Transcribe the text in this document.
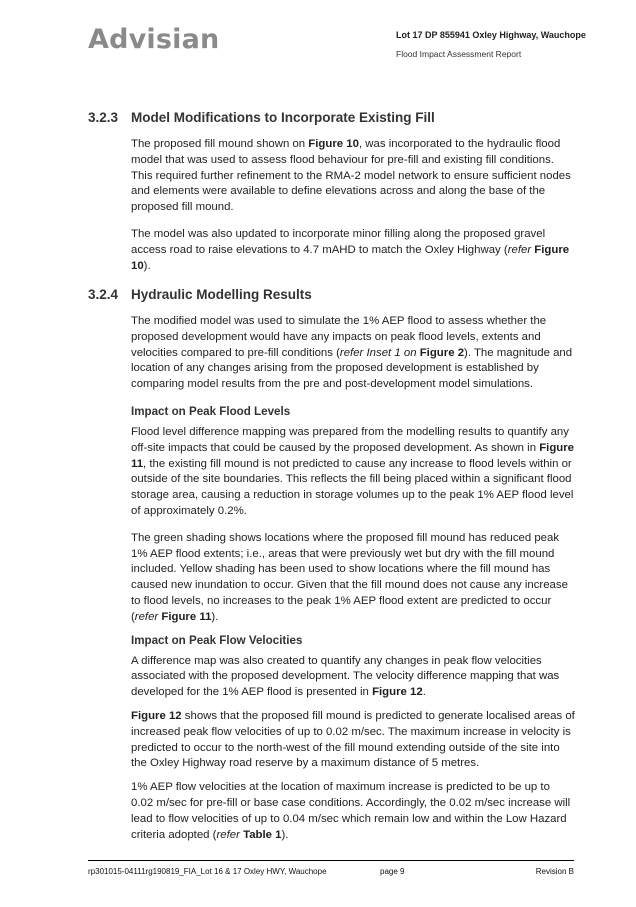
Advisian	Lot 17 DP 855941 Oxley Highway, Wauchope
Flood Impact Assessment Report
3.2.3 Model Modifications to Incorporate Existing Fill

The proposed fill mound shown on Figure 10, was incorporated to the hydraulic flood model that was used to assess flood behaviour for pre-fill and existing fill conditions. This required further refinement to the RMA-2 model network to ensure sufficient nodes and elements were available to define elevations across and along the base of the proposed fill mound.

The model was also updated to incorporate minor filling along the proposed gravel access road to raise elevations to 4.7 mAHD to match the Oxley Highway (refer Figure 10).

3.2.4 Hydraulic Modelling Results

The modified model was used to simulate the 1% AEP flood to assess whether the proposed development would have any impacts on peak flood levels, extents and velocities compared to pre-fill conditions (refer Inset 1 on Figure 2). The magnitude and location of any changes arising from the proposed development is established by comparing model results from the pre and post-development model simulations.

Impact on Peak Flood Levels

Flood level difference mapping was prepared from the modelling results to quantify any off-site impacts that could be caused by the proposed development. As shown in Figure 11, the existing fill mound is not predicted to cause any increase to flood levels within or outside of the site boundaries. This reflects the fill being placed within a significant flood storage area, causing a reduction in storage volumes up to the peak 1% AEP flood level of approximately 0.2%.

The green shading shows locations where the proposed fill mound has reduced peak 1% AEP flood extents; i.e., areas that were previously wet but dry with the fill mound included. Yellow shading has been used to show locations where the fill mound has caused new inundation to occur. Given that the fill mound does not cause any increase to flood levels, no increases to the peak 1% AEP flood extent are predicted to occur (refer Figure 11).

Impact on Peak Flow Velocities

A difference map was also created to quantify any changes in peak flow velocities associated with the proposed development. The velocity difference mapping that was developed for the 1% AEP flood is presented in Figure 12.

Figure 12 shows that the proposed fill mound is predicted to generate localised areas of increased peak flow velocities of up to 0.02 m/sec. The maximum increase in velocity is predicted to occur to the north-west of the fill mound extending outside of the site into the Oxley Highway road reserve by a maximum distance of 5 metres.

1% AEP flow velocities at the location of maximum increase is predicted to be up to 0.02 m/sec for pre-fill or base case conditions. Accordingly, the 0.02 m/sec increase will lead to flow velocities of up to 0.04 m/sec which remain low and within the Low Hazard criteria adopted (refer Table 1).

rp301015-04111rg190819_FIA_Lot 16 & 17 Oxley HWY, Wauchope	page 9	Revision B
